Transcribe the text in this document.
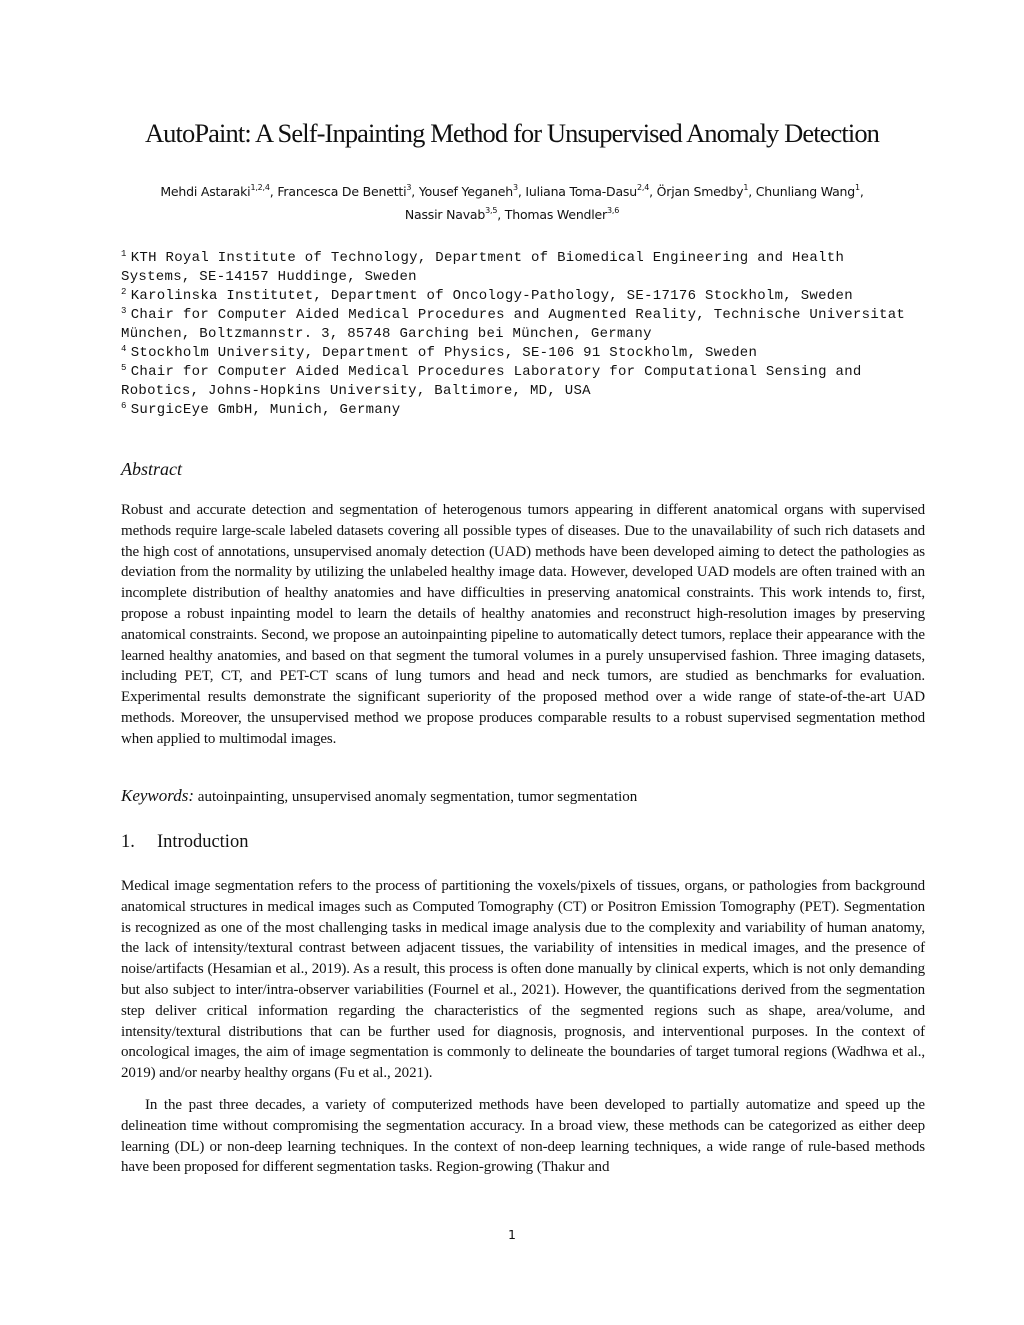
AutoPaint: A Self-Inpainting Method for Unsupervised Anomaly Detection
Mehdi Astaraki$^{1,2,4}$, Francesca De Benetti$^3$, Yousef Yeganeh$^3$, Iuliana Toma-Dasu$^{2,4}$, Örjan Smedby$^1$, Chunliang Wang$^1$, Nassir Navab$^{3,5}$, Thomas Wendler$^{3,6}$

$^1$ KTH Royal Institute of Technology, Department of Biomedical Engineering and Health Systems, SE-14157 Huddinge, Sweden

$^2$ Karolinska Institutet, Department of Oncology-Pathology, SE-17176 Stockholm, Sweden

$^3$ Chair for Computer Aided Medical Procedures and Augmented Reality, Technische Universitat München, Boltzmannstr. 3, 85748 Garching bei München, Germany

$^4$ Stockholm University, Department of Physics, SE-106 91 Stockholm, Sweden

$^5$ Chair for Computer Aided Medical Procedures Laboratory for Computational Sensing and Robotics, Johns-Hopkins University, Baltimore, MD, USA

$^6$ SurgicEye GmbH, Munich, Germany

Abstract

Robust and accurate detection and segmentation of heterogenous tumors appearing in different anatomical organs with supervised methods require large-scale labeled datasets covering all possible types of diseases. Due to the unavailability of such rich datasets and the high cost of annotations, unsupervised anomaly detection (UAD) methods have been developed aiming to detect the pathologies as deviation from the normality by utilizing the unlabeled healthy image data. However, developed UAD models are often trained with an incomplete distribution of healthy anatomies and have difficulties in preserving anatomical constraints. This work intends to, first, propose a robust inpainting model to learn the details of healthy anatomies and reconstruct high-resolution images by preserving anatomical constraints. Second, we propose an autoinpainting pipeline to automatically detect tumors, replace their appearance with the learned healthy anatomies, and based on that segment the tumoral volumes in a purely unsupervised fashion. Three imaging datasets, including PET, CT, and PET-CT scans of lung tumors and head and neck tumors, are studied as benchmarks for evaluation. Experimental results demonstrate the significant superiority of the proposed method over a wide range of state-of-the-art UAD methods. Moreover, the unsupervised method we propose produces comparable results to a robust supervised segmentation method when applied to multimodal images.

Keywords: autoinpainting, unsupervised anomaly segmentation, tumor segmentation

1. Introduction

Medical image segmentation refers to the process of partitioning the voxels/pixels of tissues, organs, or pathologies from background anatomical structures in medical images such as Computed Tomography (CT) or Positron Emission Tomography (PET). Segmentation is recognized as one of the most challenging tasks in medical image analysis due to the complexity and variability of human anatomy, the lack of intensity/textural contrast between adjacent tissues, the variability of intensities in medical images, and the presence of noise/artifacts (Hesamian et al., 2019). As a result, this process is often done manually by clinical experts, which is not only demanding but also subject to inter/intra-observer variabilities (Fournel et al., 2021). However, the quantifications derived from the segmentation step deliver critical information regarding the characteristics of the segmented regions such as shape, area/volume, and intensity/textural distributions that can be further used for diagnosis, prognosis, and interventional purposes. In the context of oncological images, the aim of image segmentation is commonly to delineate the boundaries of target tumoral regions (Wadhwa et al., 2019) and/or nearby healthy organs (Fu et al., 2021).

In the past three decades, a variety of computerized methods have been developed to partially automatize and speed up the delineation time without compromising the segmentation accuracy. In a broad view, these methods can be categorized as either deep learning (DL) or non-deep learning techniques. In the context of non-deep learning techniques, a wide range of rule-based methods have been proposed for different segmentation tasks. Region-growing (Thakur and

1
